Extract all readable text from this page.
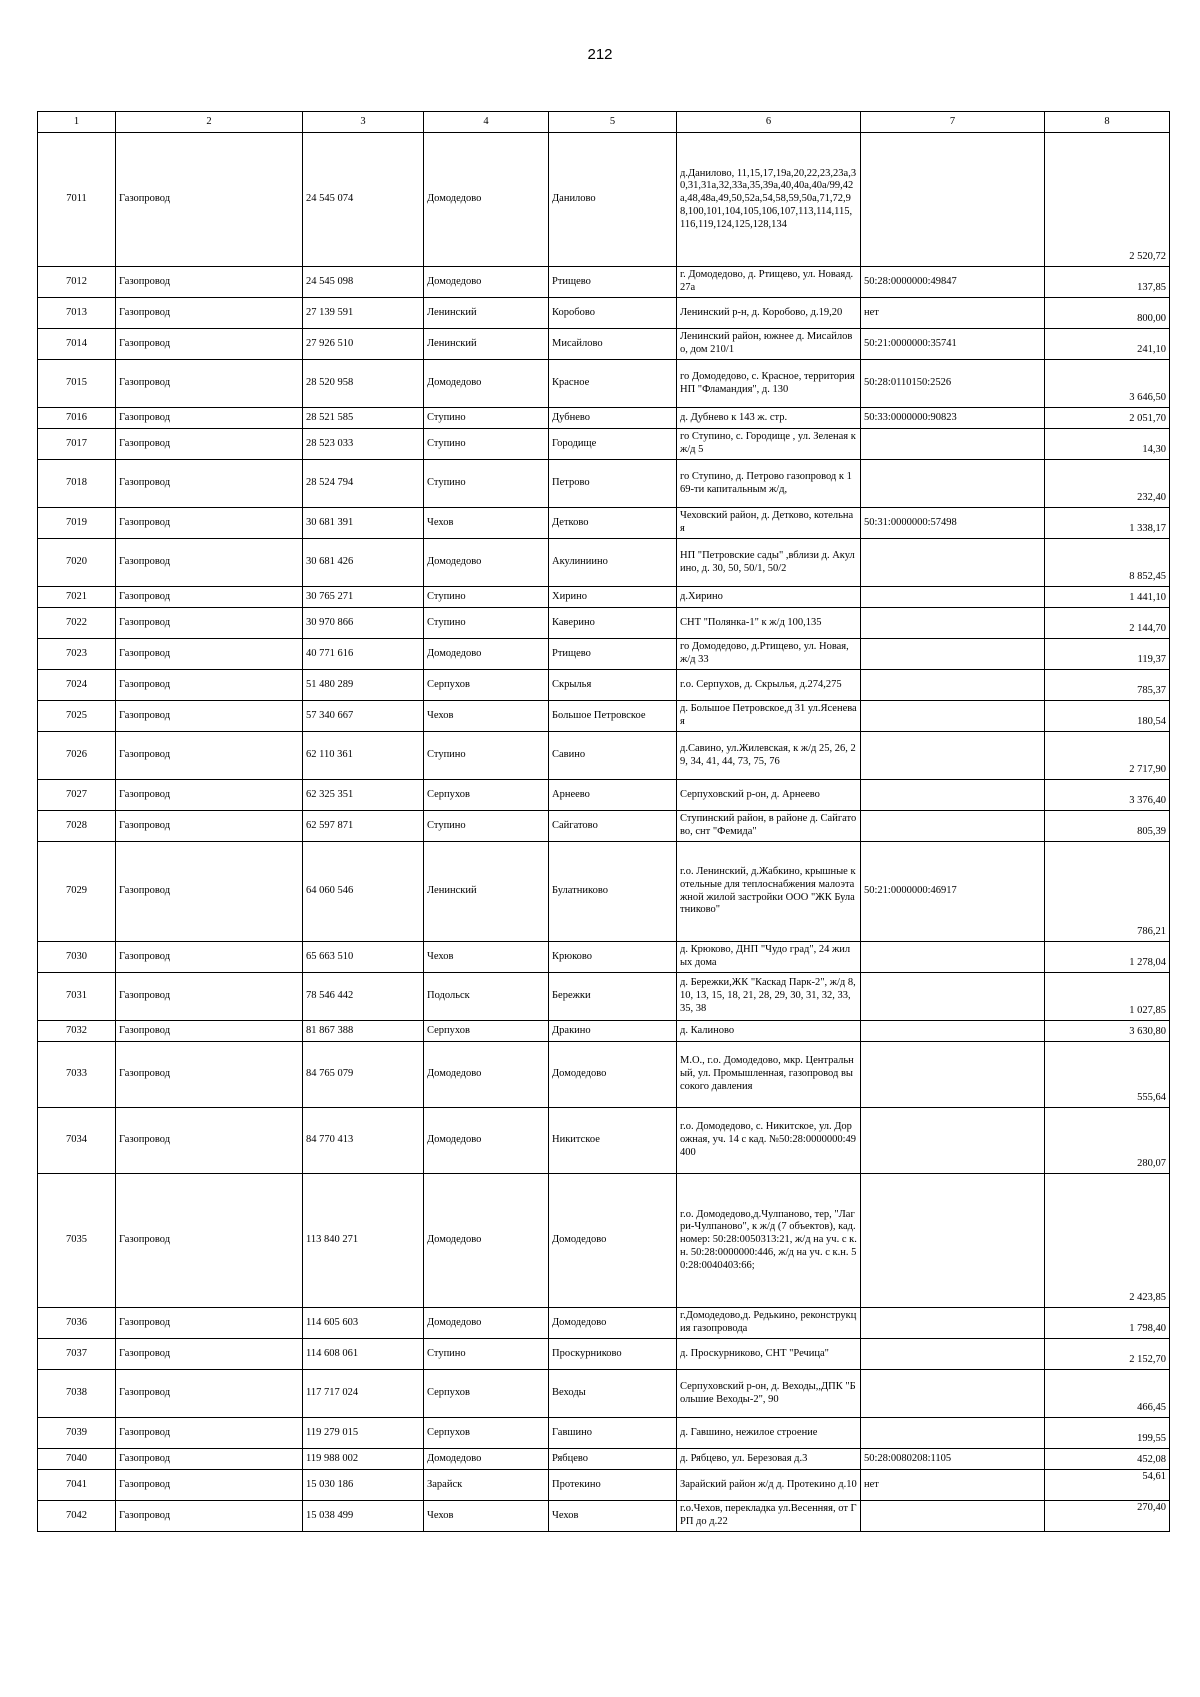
212
1	2	3	4	5	6	7	8
7011	Газопровод	24 545 074	Домодедово	Данилово	д.Данилово, 11,15,17,19а,20,22,23,23а,30,31,31а,32,33а,35,39а,40,40а,40а/99,42а,48,48а,49,50,52а,54,58,59,50а,71,72,98,100,101,104,105,106,107,113,114,115,116,119,124,125,128,134		2 520,72
7012	Газопровод	24 545 098	Домодедово	Ртищево	г. Домодедово, д. Ртищево, ул. Новаяд. 27а	50:28:0000000:49847	137,85
7013	Газопровод	27 139 591	Ленинский	Коробово	Ленинский р-н, д. Коробово, д.19,20	нет	800,00
7014	Газопровод	27 926 510	Ленинский	Мисайлово	Ленинский район, южнее д. Мисайлово, дом 210/1	50:21:0000000:35741	241,10
7015	Газопровод	28 520 958	Домодедово	Красное	го Домодедово, с. Красное, территория НП "Фламандия", д. 130	50:28:0110150:2526	3 646,50
7016	Газопровод	28 521 585	Ступино	Дубнево	д. Дубнево к 143 ж. стр.	50:33:0000000:90823	2 051,70
7017	Газопровод	28 523 033	Ступино	Городище	го Ступино, с. Городище , ул. Зеленая к ж/д 5		14,30
7018	Газопровод	28 524 794	Ступино	Петрово	го Ступино, д. Петрово газопровод к 169-ти капитальным ж/д,		232,40
7019	Газопровод	30 681 391	Чехов	Детково	Чеховский район, д. Детково, котельная	50:31:0000000:57498	1 338,17
7020	Газопровод	30 681 426	Домодедово	Акулиниино	НП "Петровские сады" ,вблизи д. Акулино, д. 30, 50, 50/1, 50/2		8 852,45
7021	Газопровод	30 765 271	Ступино	Хирино	д.Хирино		1 441,10
7022	Газопровод	30 970 866	Ступино	Каверино	СНТ "Полянка-1" к ж/д 100,135		2 144,70
7023	Газопровод	40 771 616	Домодедово	Ртищево	го Домодедово, д.Ртищево, ул. Новая, ж/д 33		119,37
7024	Газопровод	51 480 289	Серпухов	Скрылья	г.о. Серпухов, д. Скрылья, д.274,275		785,37
7025	Газопровод	57 340 667	Чехов	Большое Петровское	д. Большое Петровское,д 31 ул.Ясеневая		180,54
7026	Газопровод	62 110 361	Ступино	Савино	д.Савино, ул.Жилевская, к ж/д 25, 26, 29, 34, 41, 44, 73, 75, 76		2 717,90
7027	Газопровод	62 325 351	Серпухов	Арнеево	Серпуховский р-он, д. Арнеево		3 376,40
7028	Газопровод	62 597 871	Ступино	Сайгатово	Ступинский район, в районе д. Сайгатово, снт "Фемида"		805,39
7029	Газопровод	64 060 546	Ленинский	Булатниково	г.о. Ленинский, д.Жабкино, крышные котельные для теплоснабжения малоэтажной жилой застройки ООО "ЖК Булатниково"	50:21:0000000:46917	786,21
7030	Газопровод	65 663 510	Чехов	Крюково	д. Крюково, ДНП "Чудо град", 24 жилых дома		1 278,04
7031	Газопровод	78 546 442	Подольск	Бережки	д. Бережки,ЖК "Каскад Парк-2", ж/д 8, 10, 13, 15, 18, 21, 28, 29, 30, 31, 32, 33, 35, 38		1 027,85
7032	Газопровод	81 867 388	Серпухов	Дракино	д. Калиново		3 630,80
7033	Газопровод	84 765 079	Домодедово	Домодедово	М.О., г.о. Домодедово, мкр. Центральный, ул. Промышленная, газопровод высокого давления		555,64
7034	Газопровод	84 770 413	Домодедово	Никитское	г.о. Домодедово, с. Никитское, ул. Дорожная, уч. 14 с кад. №50:28:0000000:49400		280,07
7035	Газопровод	113 840 271	Домодедово	Домодедово	г.о. Домодедово,д.Чулпаново, тер, "Лагри-Чулпаново", к ж/д (7 объектов), кад. номер: 50:28:0050313:21, ж/д на уч. с к.н. 50:28:0000000:446, ж/д на уч. с к.н. 50:28:0040403:66;		2 423,85
7036	Газопровод	114 605 603	Домодедово	Домодедово	г.Домодедово,д. Редькино, реконструкция газопровода		1 798,40
7037	Газопровод	114 608 061	Ступино	Проскурниково	д. Проскурниково, СНТ "Речица"		2 152,70
7038	Газопровод	117 717 024	Серпухов	Веходы	Серпуховский р-он, д. Веходы,,ДПК "Большие Веходы-2", 90		466,45
7039	Газопровод	119 279 015	Серпухов	Гавшино	д. Гавшино, нежилое строение		199,55
7040	Газопровод	119 988 002	Домодедово	Рябцево	д. Рябцево, ул. Березовая д.3	50:28:0080208:1105	452,08
7041	Газопровод	15 030 186	Зарайск	Протекино	Зарайский район ж/д д. Протекино д.10	нет	54,61
7042	Газопровод	15 038 499	Чехов	Чехов	г.о.Чехов, перекладка ул.Весенняя, от ГРП до д.22		270,40
